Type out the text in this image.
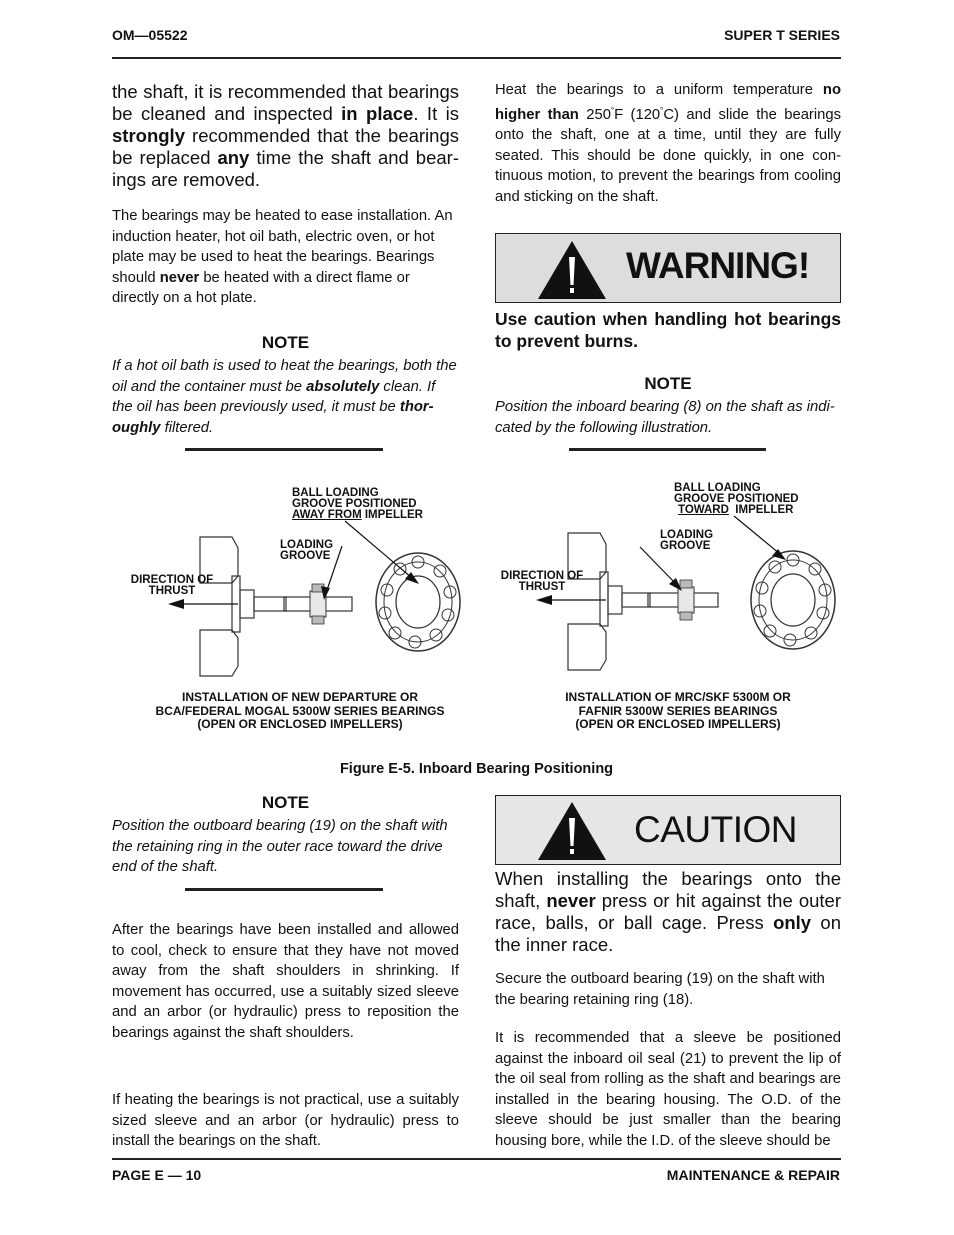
OM—05522	SUPER T SERIES
the shaft, it is recommended that bearings be cleaned and inspected in place. It is strongly recommended that the bearings be replaced any time the shaft and bearings are removed.
The bearings may be heated to ease installation. An induction heater, hot oil bath, electric oven, or hot plate may be used to heat the bearings. Bearings should never be heated with a direct flame or directly on a hot plate.
NOTE
If a hot oil bath is used to heat the bearings, both the oil and the container must be absolutely clean. If the oil has been previously used, it must be thoroughly filtered.
Heat the bearings to a uniform temperature no higher than 250°F (120°C) and slide the bearings onto the shaft, one at a time, until they are fully seated. This should be done quickly, in one continuous motion, to prevent the bearings from cooling and sticking on the shaft.
WARNING!
Use caution when handling hot bearings to prevent burns.
NOTE
Position the inboard bearing (8) on the shaft as indicated by the following illustration.
BALL LOADING
GROOVE POSITIONED
AWAY FROM IMPELLER
LOADING
GROOVE
DIRECTION OF
THRUST
INSTALLATION OF NEW DEPARTURE OR
BCA/FEDERAL MOGAL 5300W SERIES BEARINGS
(OPEN OR ENCLOSED IMPELLERS)
BALL LOADING
GROOVE POSITIONED
TOWARD  IMPELLER
LOADING
GROOVE
DIRECTION OF
THRUST
INSTALLATION OF MRC/SKF 5300M OR
FAFNIR 5300W SERIES BEARINGS
(OPEN OR ENCLOSED IMPELLERS)
Figure E-5. Inboard Bearing Positioning
NOTE
Position the outboard bearing (19) on the shaft with the retaining ring in the outer race toward the drive end of the shaft.
After the bearings have been installed and allowed to cool, check to ensure that they have not moved away from the shaft shoulders in shrinking. If movement has occurred, use a suitably sized sleeve and an arbor (or hydraulic) press to reposition the bearings against the shaft shoulders.
If heating the bearings is not practical, use a suitably sized sleeve and an arbor (or hydraulic) press to install the bearings on the shaft.
CAUTION
When installing the bearings onto the shaft, never press or hit against the outer race, balls, or ball cage. Press only on the inner race.
Secure the outboard bearing (19) on the shaft with the bearing retaining ring (18).
It is recommended that a sleeve be positioned against the inboard oil seal (21) to prevent the lip of the oil seal from rolling as the shaft and bearings are installed in the bearing housing. The O.D. of the sleeve should be just smaller than the bearing housing bore, while the I.D. of the sleeve should be
PAGE E — 10	MAINTENANCE & REPAIR
